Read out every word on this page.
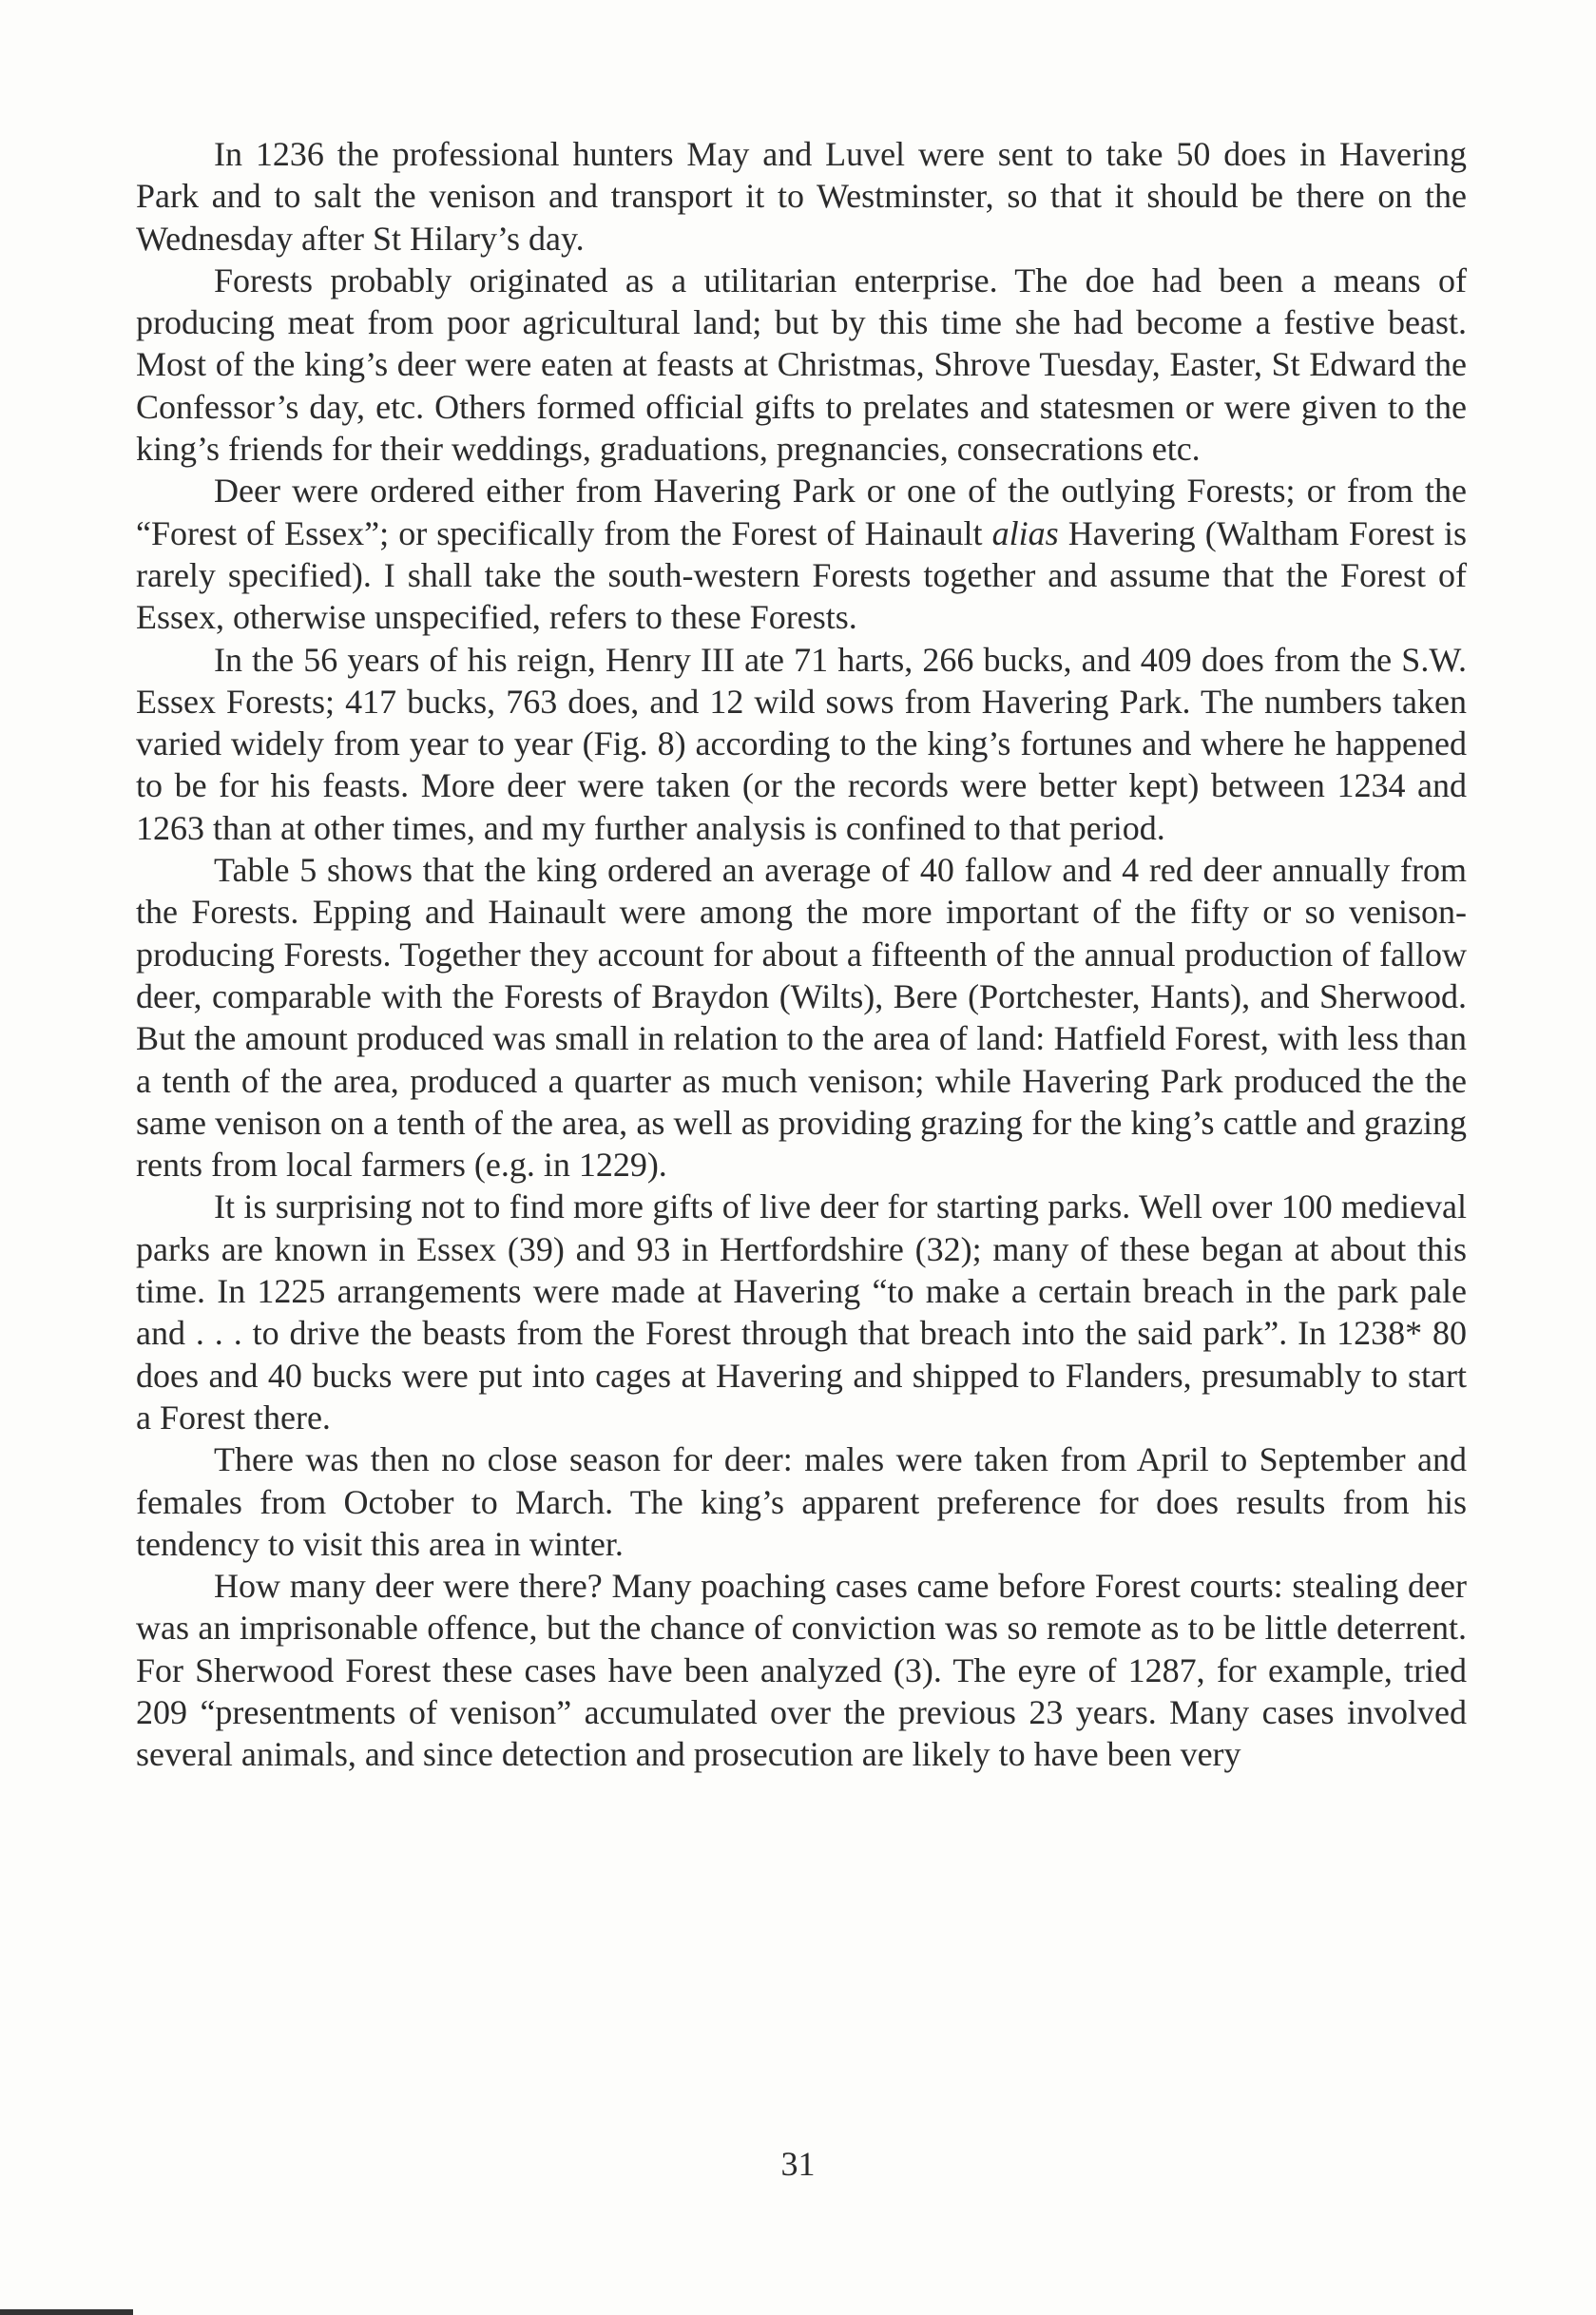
In 1236 the professional hunters May and Luvel were sent to take 50 does in Havering Park and to salt the venison and transport it to Westminster, so that it should be there on the Wednesday after St Hilary’s day.

Forests probably originated as a utilitarian enterprise. The doe had been a means of producing meat from poor agricultural land; but by this time she had become a festive beast. Most of the king’s deer were eaten at feasts at Christmas, Shrove Tuesday, Easter, St Edward the Confessor’s day, etc. Others formed official gifts to prelates and statesmen or were given to the king’s friends for their weddings, graduations, pregnancies, consecrations etc.

Deer were ordered either from Havering Park or one of the outlying Forests; or from the “Forest of Essex”; or specifically from the Forest of Hainault alias Havering (Waltham Forest is rarely specified). I shall take the south-western Forests together and assume that the Forest of Essex, otherwise unspecified, refers to these Forests.

In the 56 years of his reign, Henry III ate 71 harts, 266 bucks, and 409 does from the S.W. Essex Forests; 417 bucks, 763 does, and 12 wild sows from Havering Park. The numbers taken varied widely from year to year (Fig. 8) according to the king’s fortunes and where he happened to be for his feasts. More deer were taken (or the records were better kept) between 1234 and 1263 than at other times, and my further analysis is confined to that period.

Table 5 shows that the king ordered an average of 40 fallow and 4 red deer annually from the Forests. Epping and Hainault were among the more important of the fifty or so venison-producing Forests. Together they account for about a fifteenth of the annual production of fallow deer, comparable with the Forests of Braydon (Wilts), Bere (Portchester, Hants), and Sherwood. But the amount produced was small in relation to the area of land: Hatfield Forest, with less than a tenth of the area, produced a quarter as much venison; while Havering Park produced the the same venison on a tenth of the area, as well as providing grazing for the king’s cattle and grazing rents from local farmers (e.g. in 1229).

It is surprising not to find more gifts of live deer for starting parks. Well over 100 medieval parks are known in Essex (39) and 93 in Hertfordshire (32); many of these began at about this time. In 1225 arrangements were made at Havering “to make a certain breach in the park pale and . . . to drive the beasts from the Forest through that breach into the said park”. In 1238* 80 does and 40 bucks were put into cages at Havering and shipped to Flanders, presumably to start a Forest there.

There was then no close season for deer: males were taken from April to September and females from October to March. The king’s apparent preference for does results from his tendency to visit this area in winter.

How many deer were there? Many poaching cases came before Forest courts: stealing deer was an imprisonable offence, but the chance of conviction was so remote as to be little deterrent. For Sherwood Forest these cases have been analyzed (3). The eyre of 1287, for example, tried 209 “presentments of venison” accumulated over the previous 23 years. Many cases involved several animals, and since detection and prosecution are likely to have been very

31
